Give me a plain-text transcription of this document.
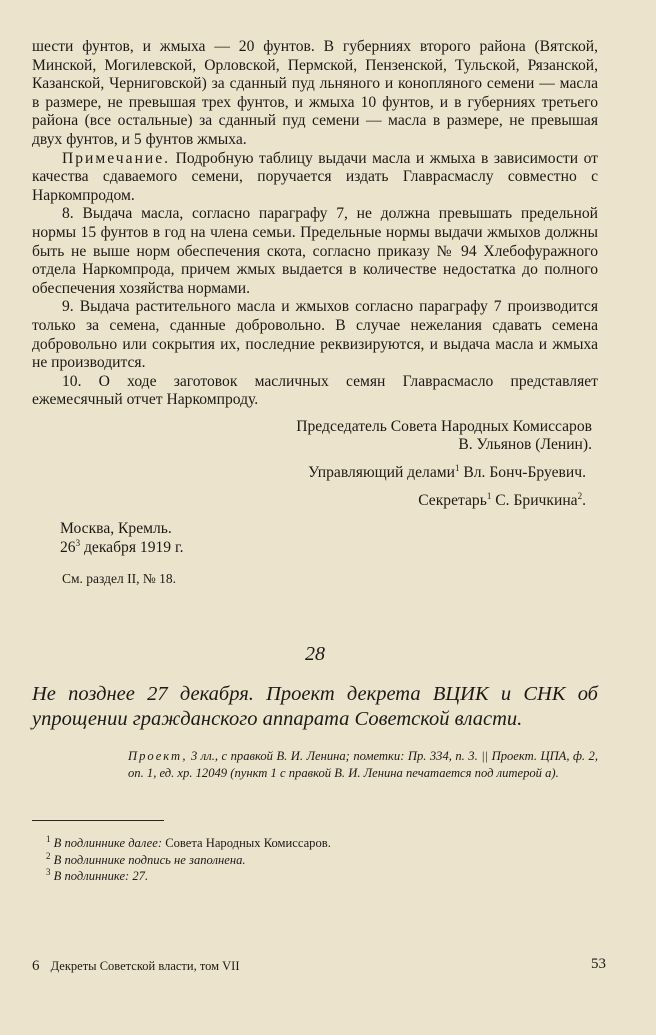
шести фунтов, и жмыха — 20 фунтов. В губерниях второго района (Вятской, Минской, Могилевской, Орловской, Пермской, Пензенской, Тульской, Рязанской, Казанской, Черниговской) за сданный пуд льняного и конопляного семени — масла в размере, не превышая трех фунтов, и жмыха 10 фунтов, и в губерниях третьего района (все остальные) за сданный пуд семени — масла в размере, не превышая двух фунтов, и 5 фунтов жмыха.

Примечание. Подробную таблицу выдачи масла и жмыха в зависимости от качества сдаваемого семени, поручается издать Главрасмаслу совместно с Наркомпродом.

8. Выдача масла, согласно параграфу 7, не должна превышать предельной нормы 15 фунтов в год на члена семьи. Предельные нормы выдачи жмыхов должны быть не выше норм обеспечения скота, согласно приказу № 94 Хлебофуражного отдела Наркомпрода, причем жмых выдается в количестве недостатка до полного обеспечения хозяйства нормами.

9. Выдача растительного масла и жмыхов согласно параграфу 7 производится только за семена, сданные добровольно. В случае нежелания сдавать семена добровольно или сокрытия их, последние реквизируются, и выдача масла и жмыха не производится.

10. О ходе заготовок масличных семян Главрасмасло представляет ежемесячный отчет Наркомпроду.

Председатель Совета Народных Комиссаров
В. Ульянов (Ленин).
Управляющий делами$^1$ Вл. Бонч-Бруевич.
Секретарь$^1$ С. Бричкина$^2$.
Москва, Кремль.
$26^3$ декабря 1919 г.
См. раздел II, № 18.
28
Не позднее 27 декабря. Проект декрета ВЦИК и СНК об упрощении гражданского аппарата Советской власти.
Проект, 3 лл., с правкой В. И. Ленина; пометки: Пр. 334, п. 3. || Проект. ЦПА, ф. 2, оп. 1, ед. хр. 12049 (пункт 1 с правкой В. И. Ленина печатается под литерой а).
$^1$ В подлиннике далее: Совета Народных Комиссаров.
$^2$ В подлиннике подпись не заполнена.
$^3$ В подлиннике: 27.
6 Декреты Советской власти, том VII	53
